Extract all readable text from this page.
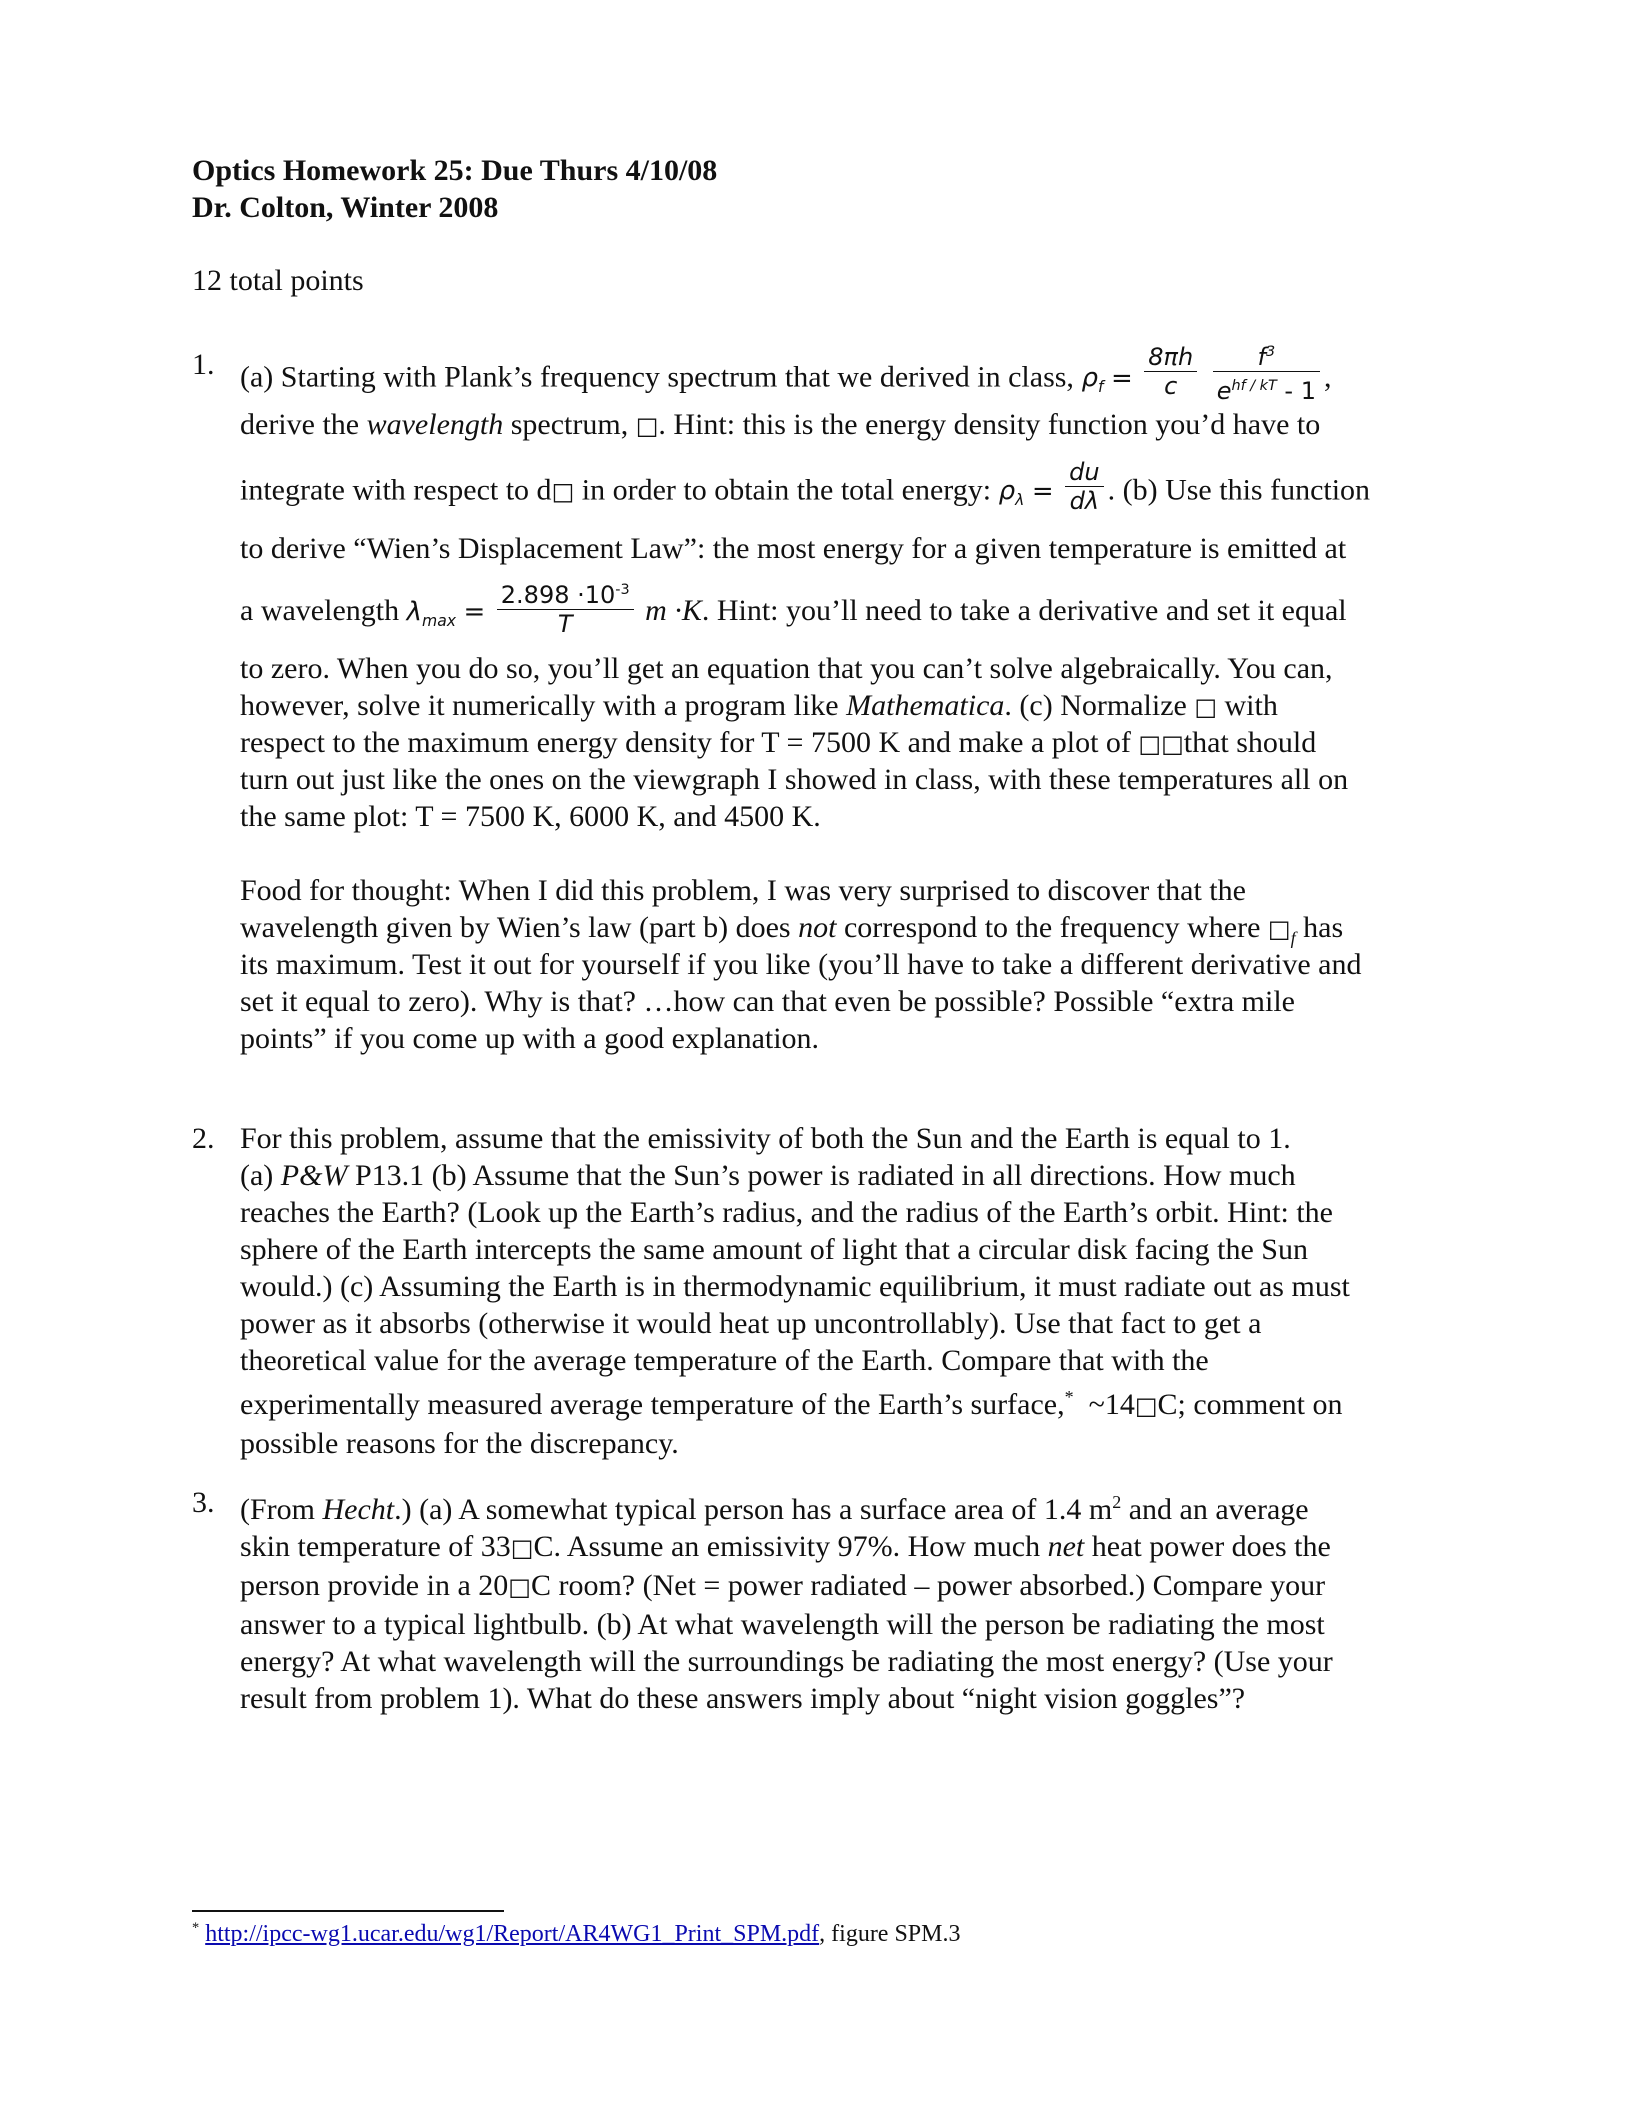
Optics Homework 25: Due Thurs 4/10/08
Dr. Colton, Winter 2008
12 total points
1. (a) Starting with Plank’s frequency spectrum that we derived in class, $\rho_f = \frac{8\pi h}{c}$
$\frac{f^3}{e^{hf / kT} - 1}$ ,
derive the wavelength spectrum, □. Hint: this is the energy density function you’d have to
integrate with respect to d□ in order to obtain the total energy: $\rho_\lambda = \frac{du}{d\lambda}$ . (b) Use this function
to derive “Wien’s Displacement Law”: the most energy for a given temperature is emitted at
a wavelength $\lambda_{max} = \frac{2.898 \cdot 10^{-3}}{T}$ m ·K. Hint: you’ll need to take a derivative and set it equal
to zero. When you do so, you’ll get an equation that you can’t solve algebraically. You can,
however, solve it numerically with a program like Mathematica. (c) Normalize □ with
respect to the maximum energy density for T = 7500 K and make a plot of □□that should
turn out just like the ones on the viewgraph I showed in class, with these temperatures all on
the same plot: T = 7500 K, 6000 K, and 4500 K.
Food for thought: When I did this problem, I was very surprised to discover that the
wavelength given by Wien’s law (part b) does not correspond to the frequency where $□_f$ has
its maximum. Test it out for yourself if you like (you’ll have to take a different derivative and
set it equal to zero). Why is that? …how can that even be possible? Possible “extra mile
points” if you come up with a good explanation.
2. For this problem, assume that the emissivity of both the Sun and the Earth is equal to 1.
(a) P&W P13.1 (b) Assume that the Sun’s power is radiated in all directions. How much
reaches the Earth? (Look up the Earth’s radius, and the radius of the Earth’s orbit. Hint: the
sphere of the Earth intercepts the same amount of light that a circular disk facing the Sun
would.) (c) Assuming the Earth is in thermodynamic equilibrium, it must radiate out as must
power as it absorbs (otherwise it would heat up uncontrollably). Use that fact to get a
theoretical value for the average temperature of the Earth. Compare that with the
experimentally measured average temperature of the Earth’s surface,*  ~14□C; comment on
possible reasons for the discrepancy.
3. (From Hecht.) (a) A somewhat typical person has a surface area of 1.4 $m^2$ and an average
skin temperature of 33□C. Assume an emissivity 97%. How much net heat power does the
person provide in a 20□C room? (Net = power radiated – power absorbed.) Compare your
answer to a typical lightbulb. (b) At what wavelength will the person be radiating the most
energy? At what wavelength will the surroundings be radiating the most energy? (Use your
result from problem 1). What do these answers imply about “night vision goggles”?
* http://ipcc-wg1.ucar.edu/wg1/Report/AR4WG1_Print_SPM.pdf, figure SPM.3
